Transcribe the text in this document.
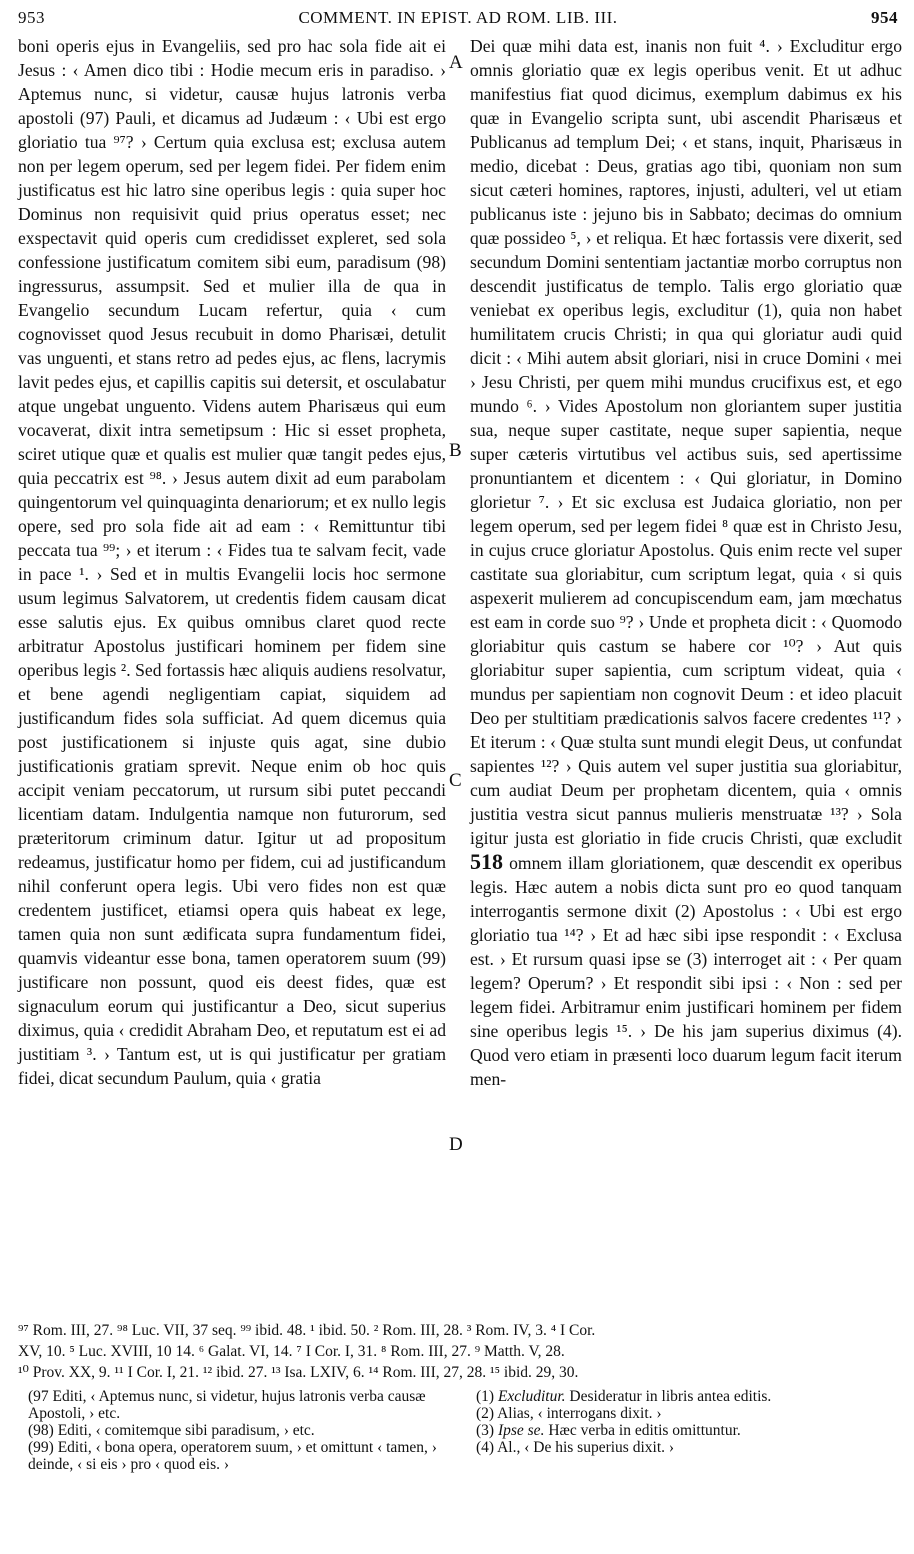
953	COMMENT. IN EPIST. AD ROM. LIB. III.	954

boni operis ejus in Evangeliis, sed pro hac sola fide ait ei Jesus : ‹ Amen dico tibi : Hodie mecum eris in paradiso. › Aptemus nunc, si videtur, causæ hujus latronis verba apostoli (97) Pauli, et dicamus ad Judæum : ‹ Ubi est ergo gloriatio tua ⁹⁷? › Certum quia exclusa est; exclusa autem non per legem operum, sed per legem fidei. Per fidem enim justificatus est hic latro sine operibus legis : quia super hoc Dominus non requisivit quid prius operatus esset; nec exspectavit quid operis cum credidisset expleret, sed sola confessione justificatum comitem sibi eum, paradisum (98) ingressurus, assumpsit. Sed et mulier illa de qua in Evangelio secundum Lucam refertur, quia ‹ cum cognovisset quod Jesus recubuit in domo Pharisæi, detulit vas unguenti, et stans retro ad pedes ejus, ac flens, lacrymis lavit pedes ejus, et capillis capitis sui detersit, et osculabatur atque ungebat unguento. Videns autem Pharisæus qui eum vocaverat, dixit intra semetipsum : Hic si esset propheta, sciret utique quæ et qualis est mulier quæ tangit pedes ejus, quia peccatrix est ⁹⁸. › Jesus autem dixit ad eum parabolam quingentorum vel quinquaginta denariorum; et ex nullo legis opere, sed pro sola fide ait ad eam : ‹ Remittuntur tibi peccata tua ⁹⁹; › et iterum : ‹ Fides tua te salvam fecit, vade in pace ¹. › Sed et in multis Evangelii locis hoc sermone usum legimus Salvatorem, ut credentis fidem causam dicat esse salutis ejus. Ex quibus omnibus claret quod recte arbitratur Apostolus justificari hominem per fidem sine operibus legis ². Sed fortassis hæc aliquis audiens resolvatur, et bene agendi negligentiam capiat, siquidem ad justificandum fides sola sufficiat. Ad quem dicemus quia post justificationem si injuste quis agat, sine dubio justificationis gratiam sprevit. Neque enim ob hoc quis accipit veniam peccatorum, ut rursum sibi putet peccandi licentiam datam. Indulgentia namque non futurorum, sed præteritorum criminum datur. Igitur ut ad propositum redeamus, justificatur homo per fidem, cui ad justificandum nihil conferunt opera legis. Ubi vero fides non est quæ credentem justificet, etiamsi opera quis habeat ex lege, tamen quia non sunt ædificata supra fundamentum fidei, quamvis videantur esse bona, tamen operatorem suum (99) justificare non possunt, quod eis deest fides, quæ est signaculum eorum qui justificantur a Deo, sicut superius diximus, quia ‹ credidit Abraham Deo, et reputatum est ei ad justitiam ³. › Tantum est, ut is qui justificatur per gratiam fidei, dicat secundum Paulum, quia ‹ gratia

A
B
C
D

Dei quæ mihi data est, inanis non fuit ⁴. › Excluditur ergo omnis gloriatio quæ ex legis operibus venit. Et ut adhuc manifestius fiat quod dicimus, exemplum dabimus ex his quæ in Evangelio scripta sunt, ubi ascendit Pharisæus et Publicanus ad templum Dei; ‹ et stans, inquit, Pharisæus in medio, dicebat : Deus, gratias ago tibi, quoniam non sum sicut cæteri homines, raptores, injusti, adulteri, vel ut etiam publicanus iste : jejuno bis in Sabbato; decimas do omnium quæ possideo ⁵, › et reliqua. Et hæc fortassis vere dixerit, sed secundum Domini sententiam jactantiæ morbo corruptus non descendit justificatus de templo. Talis ergo gloriatio quæ veniebat ex operibus legis, excluditur (1), quia non habet humilitatem crucis Christi; in qua qui gloriatur audi quid dicit : ‹ Mihi autem absit gloriari, nisi in cruce Domini ‹ mei › Jesu Christi, per quem mihi mundus crucifixus est, et ego mundo ⁶. › Vides Apostolum non gloriantem super justitia sua, neque super castitate, neque super sapientia, neque super cæteris virtutibus vel actibus suis, sed apertissime pronuntiantem et dicentem : ‹ Qui gloriatur, in Domino glorietur ⁷. › Et sic exclusa est Judaica gloriatio, non per legem operum, sed per legem fidei ⁸ quæ est in Christo Jesu, in cujus cruce gloriatur Apostolus. Quis enim recte vel super castitate sua gloriabitur, cum scriptum legat, quia ‹ si quis aspexerit mulierem ad concupiscendum eam, jam mœchatus est eam in corde suo ⁹? › Unde et propheta dicit : ‹ Quomodo gloriabitur quis castum se habere cor ¹⁰? › Aut quis gloriabitur super sapientia, cum scriptum videat, quia ‹ mundus per sapientiam non cognovit Deum : et ideo placuit Deo per stultitiam prædicationis salvos facere credentes ¹¹? › Et iterum : ‹ Quæ stulta sunt mundi elegit Deus, ut confundat sapientes ¹²? › Quis autem vel super justitia sua gloriabitur, cum audiat Deum per prophetam dicentem, quia ‹ omnis justitia vestra sicut pannus mulieris menstruatæ ¹³? › Sola igitur justa est gloriatio in fide crucis Christi, quæ excludit 518 omnem illam gloriationem, quæ descendit ex operibus legis. Hæc autem a nobis dicta sunt pro eo quod tanquam interrogantis sermone dixit (2) Apostolus : ‹ Ubi est ergo gloriatio tua ¹⁴? › Et ad hæc sibi ipse respondit : ‹ Exclusa est. › Et rursum quasi ipse se (3) interroget ait : ‹ Per quam legem? Operum? › Et respondit sibi ipsi : ‹ Non : sed per legem fidei. Arbitramur enim justificari hominem per fidem sine operibus legis ¹⁵. › De his jam superius diximus (4). Quod vero etiam in præsenti loco duarum legum facit iterum men-

⁹⁷ Rom. III, 27. ⁹⁸ Luc. VII, 37 seq. ⁹⁹ ibid. 48. ¹ ibid. 50. ² Rom. III, 28. ³ Rom. IV, 3. ⁴ I Cor.
XV, 10. ⁵ Luc. XVIII, 10 14. ⁶ Galat. VI, 14. ⁷ I Cor. I, 31. ⁸ Rom. III, 27. ⁹ Matth. V, 28.
¹⁰ Prov. XX, 9. ¹¹ I Cor. I, 21. ¹² ibid. 27. ¹³ Isa. LXIV, 6. ¹⁴ Rom. III, 27, 28. ¹⁵ ibid. 29, 30.
(97 Editi, ‹ Aptemus nunc, si videtur, hujus latronis verba causæ Apostoli, › etc.
(98) Editi, ‹ comitemque sibi paradisum, › etc.
(99) Editi, ‹ bona opera, operatorem suum, › et omittunt ‹ tamen, › deinde, ‹ si eis › pro ‹ quod eis. ›
(1) Excluditur. Desideratur in libris antea editis.
(2) Alias, ‹ interrogans dixit. ›
(3) Ipse se. Hæc verba in editis omittuntur.
(4) Al., ‹ De his superius dixit. ›
